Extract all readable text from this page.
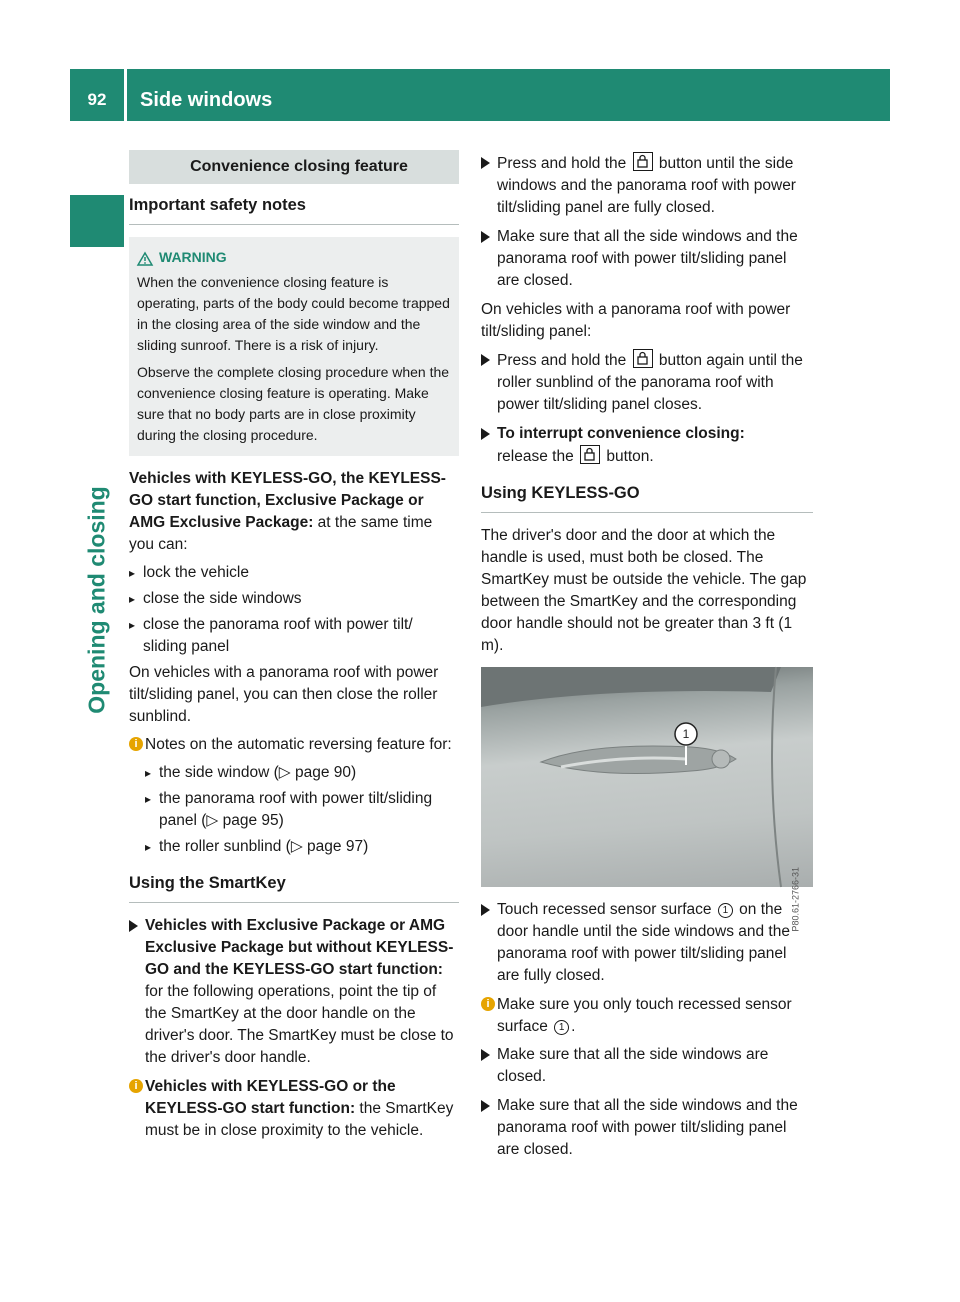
92	Side windows
Opening and closing
Convenience closing feature
Important safety notes
WARNING

When the convenience closing feature is operating, parts of the body could become trapped in the closing area of the side window and the sliding sunroof. There is a risk of injury.

Observe the complete closing procedure when the convenience closing feature is operating. Make sure that no body parts are in close proximity during the closing procedure.

Vehicles with KEYLESS-GO, the KEYLESS-GO start function, Exclusive Package or AMG Exclusive Package: at the same time you can:

▸ lock the vehicle
▸ close the side windows
▸ close the panorama roof with power tilt/ sliding panel

On vehicles with a panorama roof with power tilt/sliding panel, you can then close the roller sunblind.

i Notes on the automatic reversing feature for:
▸ the side window (▷ page 90)
▸ the panorama roof with power tilt/sliding panel (▷ page 95)
▸ the roller sunblind (▷ page 97)
Using the SmartKey
Vehicles with Exclusive Package or AMG Exclusive Package but without KEYLESS-GO and the KEYLESS-GO start function: for the following operations, point the tip of the SmartKey at the door handle on the driver's door. The SmartKey must be close to the driver's door handle.
i Vehicles with KEYLESS-GO or the KEYLESS-GO start function: the SmartKey must be in close proximity to the vehicle.
Press and hold the button until the side windows and the panorama roof with power tilt/sliding panel are fully closed.
Make sure that all the side windows and the panorama roof with power tilt/sliding panel are closed.

On vehicles with a panorama roof with power tilt/sliding panel:

Press and hold the button again until the roller sunblind of the panorama roof with power tilt/sliding panel closes.
To interrupt convenience closing:
release the button.
Using KEYLESS-GO

The driver's door and the door at which the handle is used, must both be closed. The SmartKey must be outside the vehicle. The gap between the SmartKey and the corresponding door handle should not be greater than 3 ft (1 m).

1
P80.61-2766-31
Touch recessed sensor surface 1 on the door handle until the side windows and the panorama roof with power tilt/sliding panel are fully closed.
i Make sure you only touch recessed sensor surface 1 .
Make sure that all the side windows are closed.
Make sure that all the side windows and the panorama roof with power tilt/sliding panel are closed.
